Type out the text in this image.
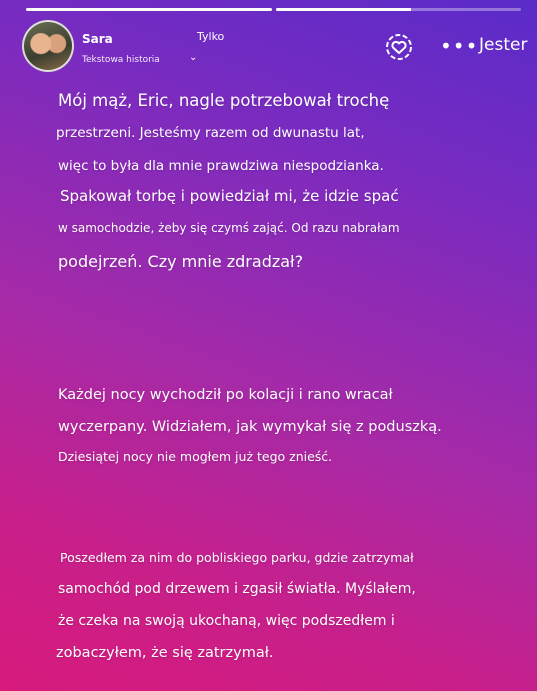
Sara
Tekstowa historia
Tylko
⌄	••• Jester
Mój mąż, Eric, nagle potrzebował trochę
przestrzeni. Jesteśmy razem od dwunastu lat,
więc to była dla mnie prawdziwa niespodzianka.
Spakował torbę i powiedział mi, że idzie spać
w samochodzie, żeby się czymś zająć. Od razu nabrałam
podejrzeń. Czy mnie zdradzał?
Każdej nocy wychodził po kolacji i rano wracał
wyczerpany. Widziałem, jak wymykał się z poduszką.
Dziesiątej nocy nie mogłem już tego znieść.
Poszedłem za nim do pobliskiego parku, gdzie zatrzymał
samochód pod drzewem i zgasił światła. Myślałem,
że czeka na swoją ukochaną, więc podszedłem i
zobaczyłem, że się zatrzymał.
